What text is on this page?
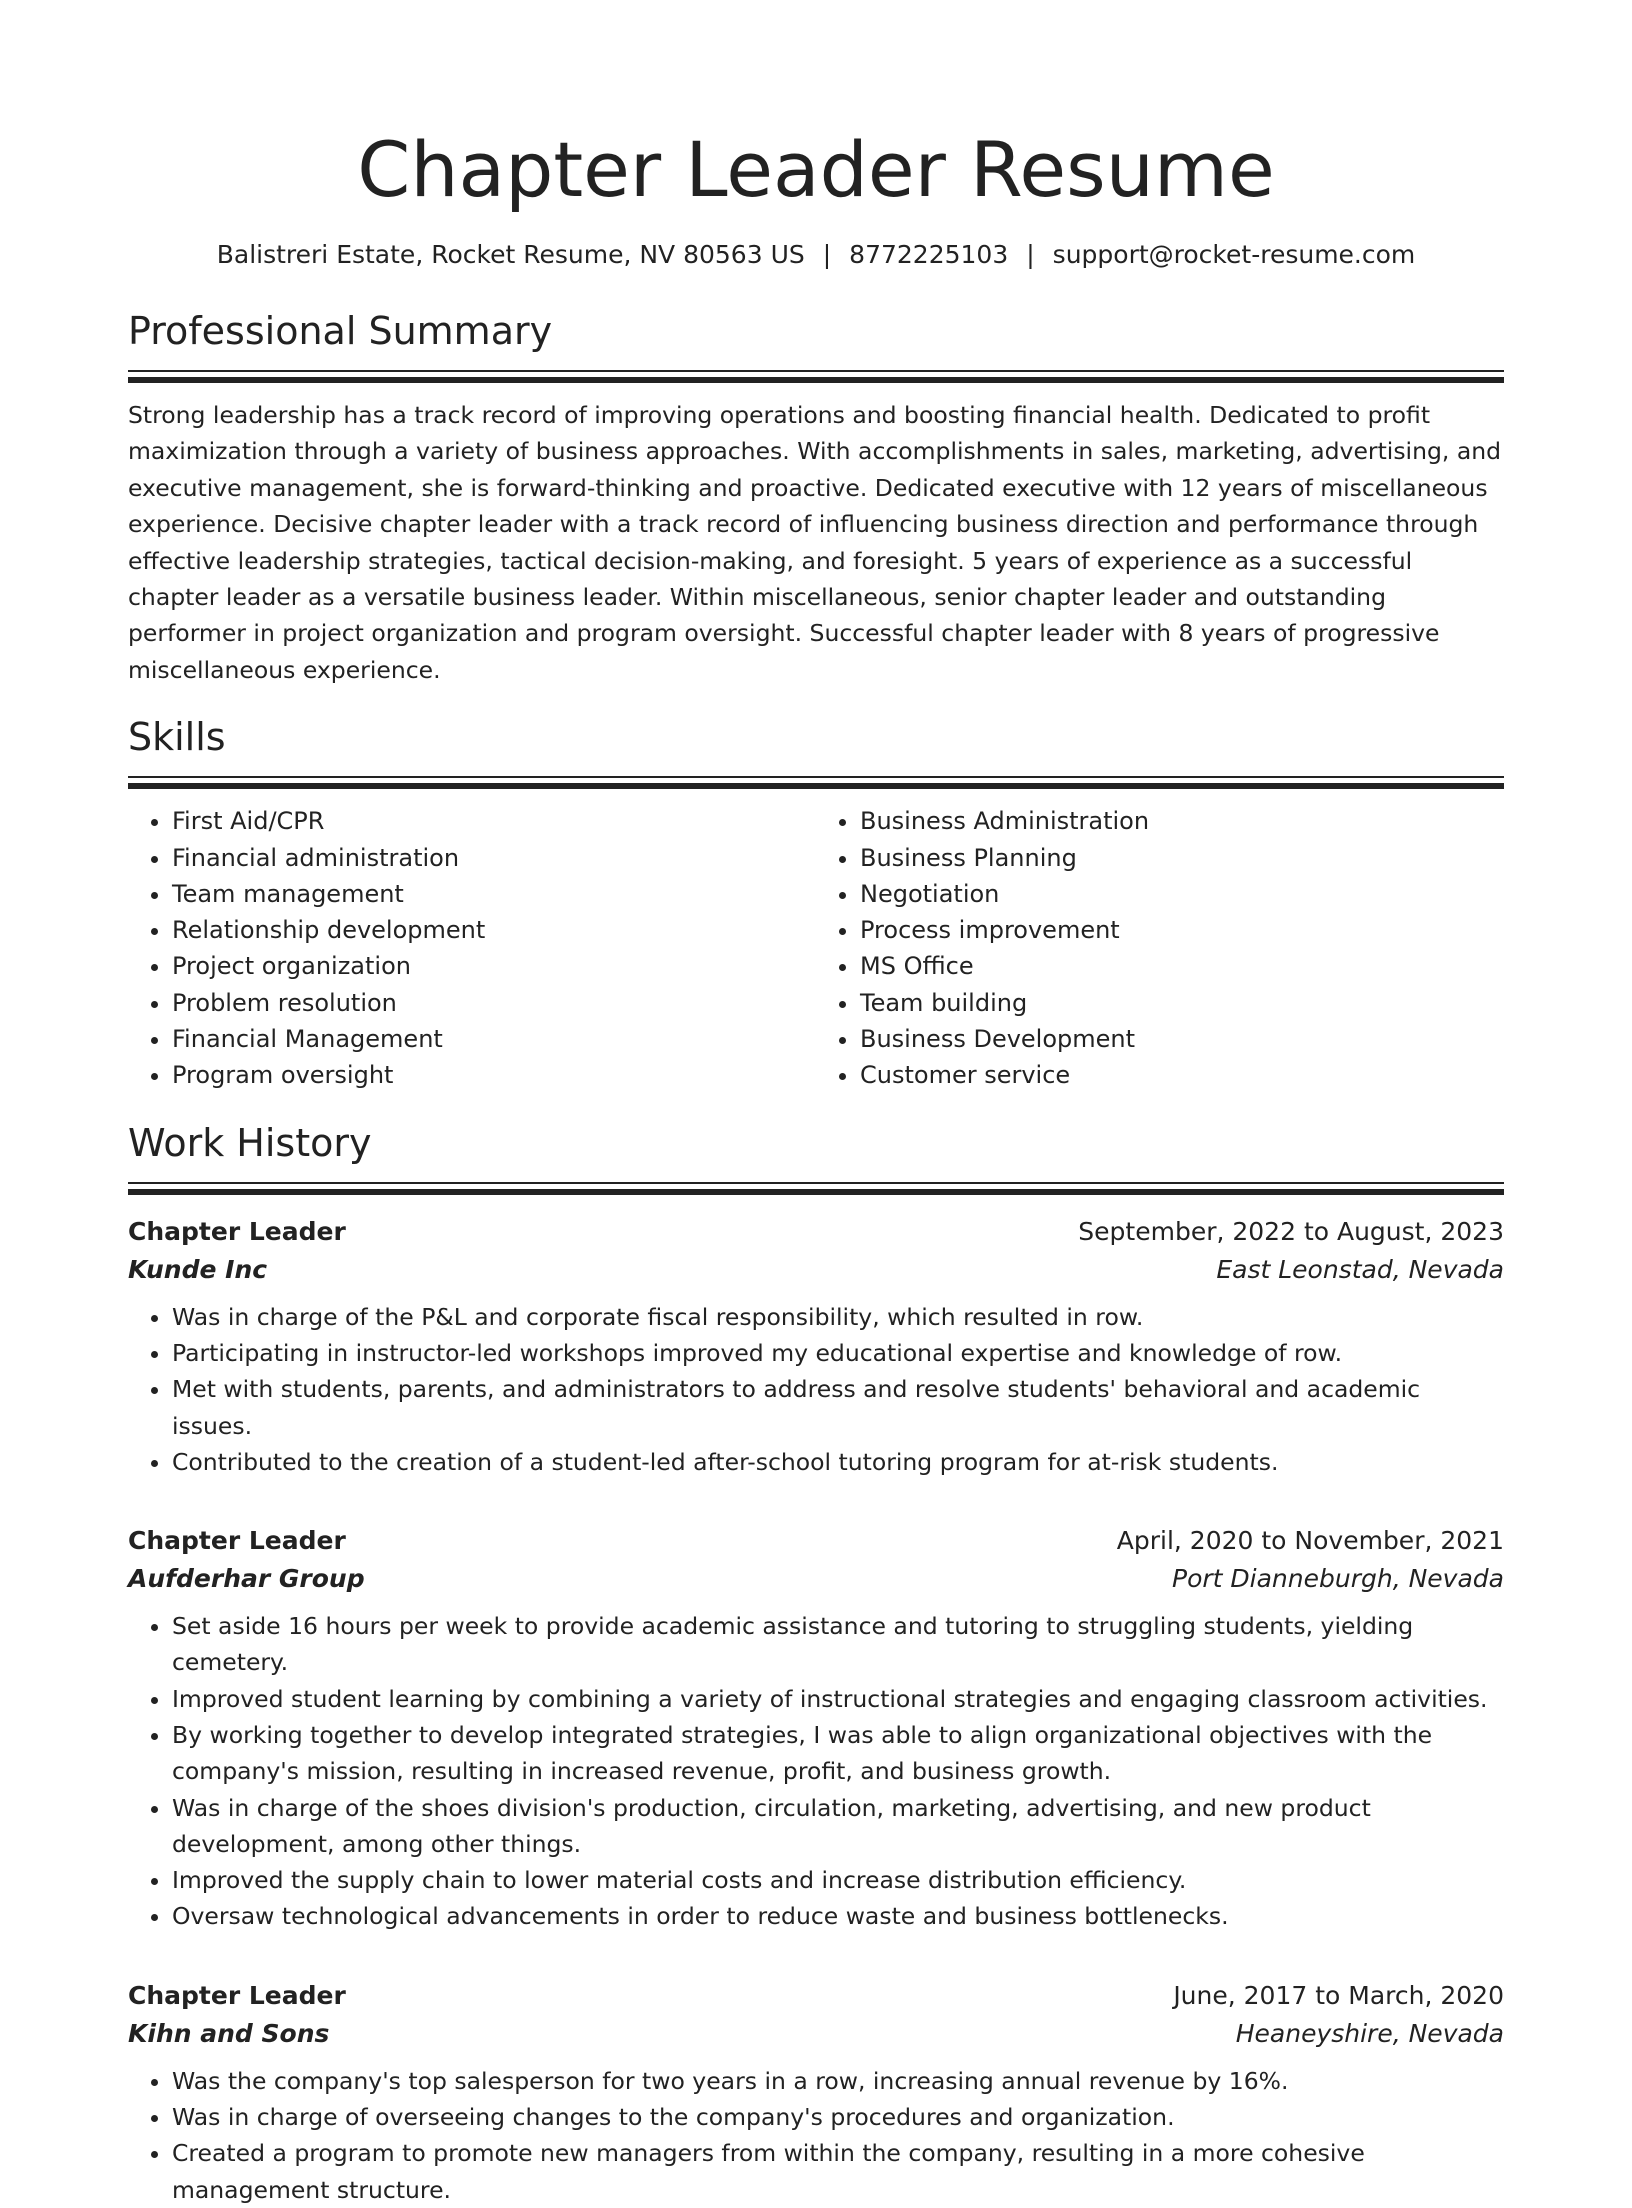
Chapter Leader Resume
Balistreri Estate, Rocket Resume, NV 80563 US | 8772225103 | support@rocket-resume.com
Professional Summary
Strong leadership has a track record of improving operations and boosting financial health. Dedicated to profit maximization through a variety of business approaches. With accomplishments in sales, marketing, advertising, and executive management, she is forward-thinking and proactive. Dedicated executive with 12 years of miscellaneous experience. Decisive chapter leader with a track record of influencing business direction and performance through effective leadership strategies, tactical decision-making, and foresight. 5 years of experience as a successful chapter leader as a versatile business leader. Within miscellaneous, senior chapter leader and outstanding performer in project organization and program oversight. Successful chapter leader with 8 years of progressive miscellaneous experience.
Skills
• First Aid/CPR
• Financial administration
• Team management
• Relationship development
• Project organization
• Problem resolution
• Financial Management
• Program oversight
• Business Administration
• Business Planning
• Negotiation
• Process improvement
• MS Office
• Team building
• Business Development
• Customer service
Work History
Chapter Leader	September, 2022 to August, 2023
Kunde Inc	East Leonstad, Nevada
• Was in charge of the P&L and corporate fiscal responsibility, which resulted in row.
• Participating in instructor-led workshops improved my educational expertise and knowledge of row.
• Met with students, parents, and administrators to address and resolve students' behavioral and academic issues.
• Contributed to the creation of a student-led after-school tutoring program for at-risk students.
Chapter Leader	April, 2020 to November, 2021
Aufderhar Group	Port Dianneburgh, Nevada
• Set aside 16 hours per week to provide academic assistance and tutoring to struggling students, yielding cemetery.
• Improved student learning by combining a variety of instructional strategies and engaging classroom activities.
• By working together to develop integrated strategies, I was able to align organizational objectives with the company's mission, resulting in increased revenue, profit, and business growth.
• Was in charge of the shoes division's production, circulation, marketing, advertising, and new product development, among other things.
• Improved the supply chain to lower material costs and increase distribution efficiency.
• Oversaw technological advancements in order to reduce waste and business bottlenecks.
Chapter Leader	June, 2017 to March, 2020
Kihn and Sons	Heaneyshire, Nevada
• Was the company's top salesperson for two years in a row, increasing annual revenue by 16%.
• Was in charge of overseeing changes to the company's procedures and organization.
• Created a program to promote new managers from within the company, resulting in a more cohesive management structure.
